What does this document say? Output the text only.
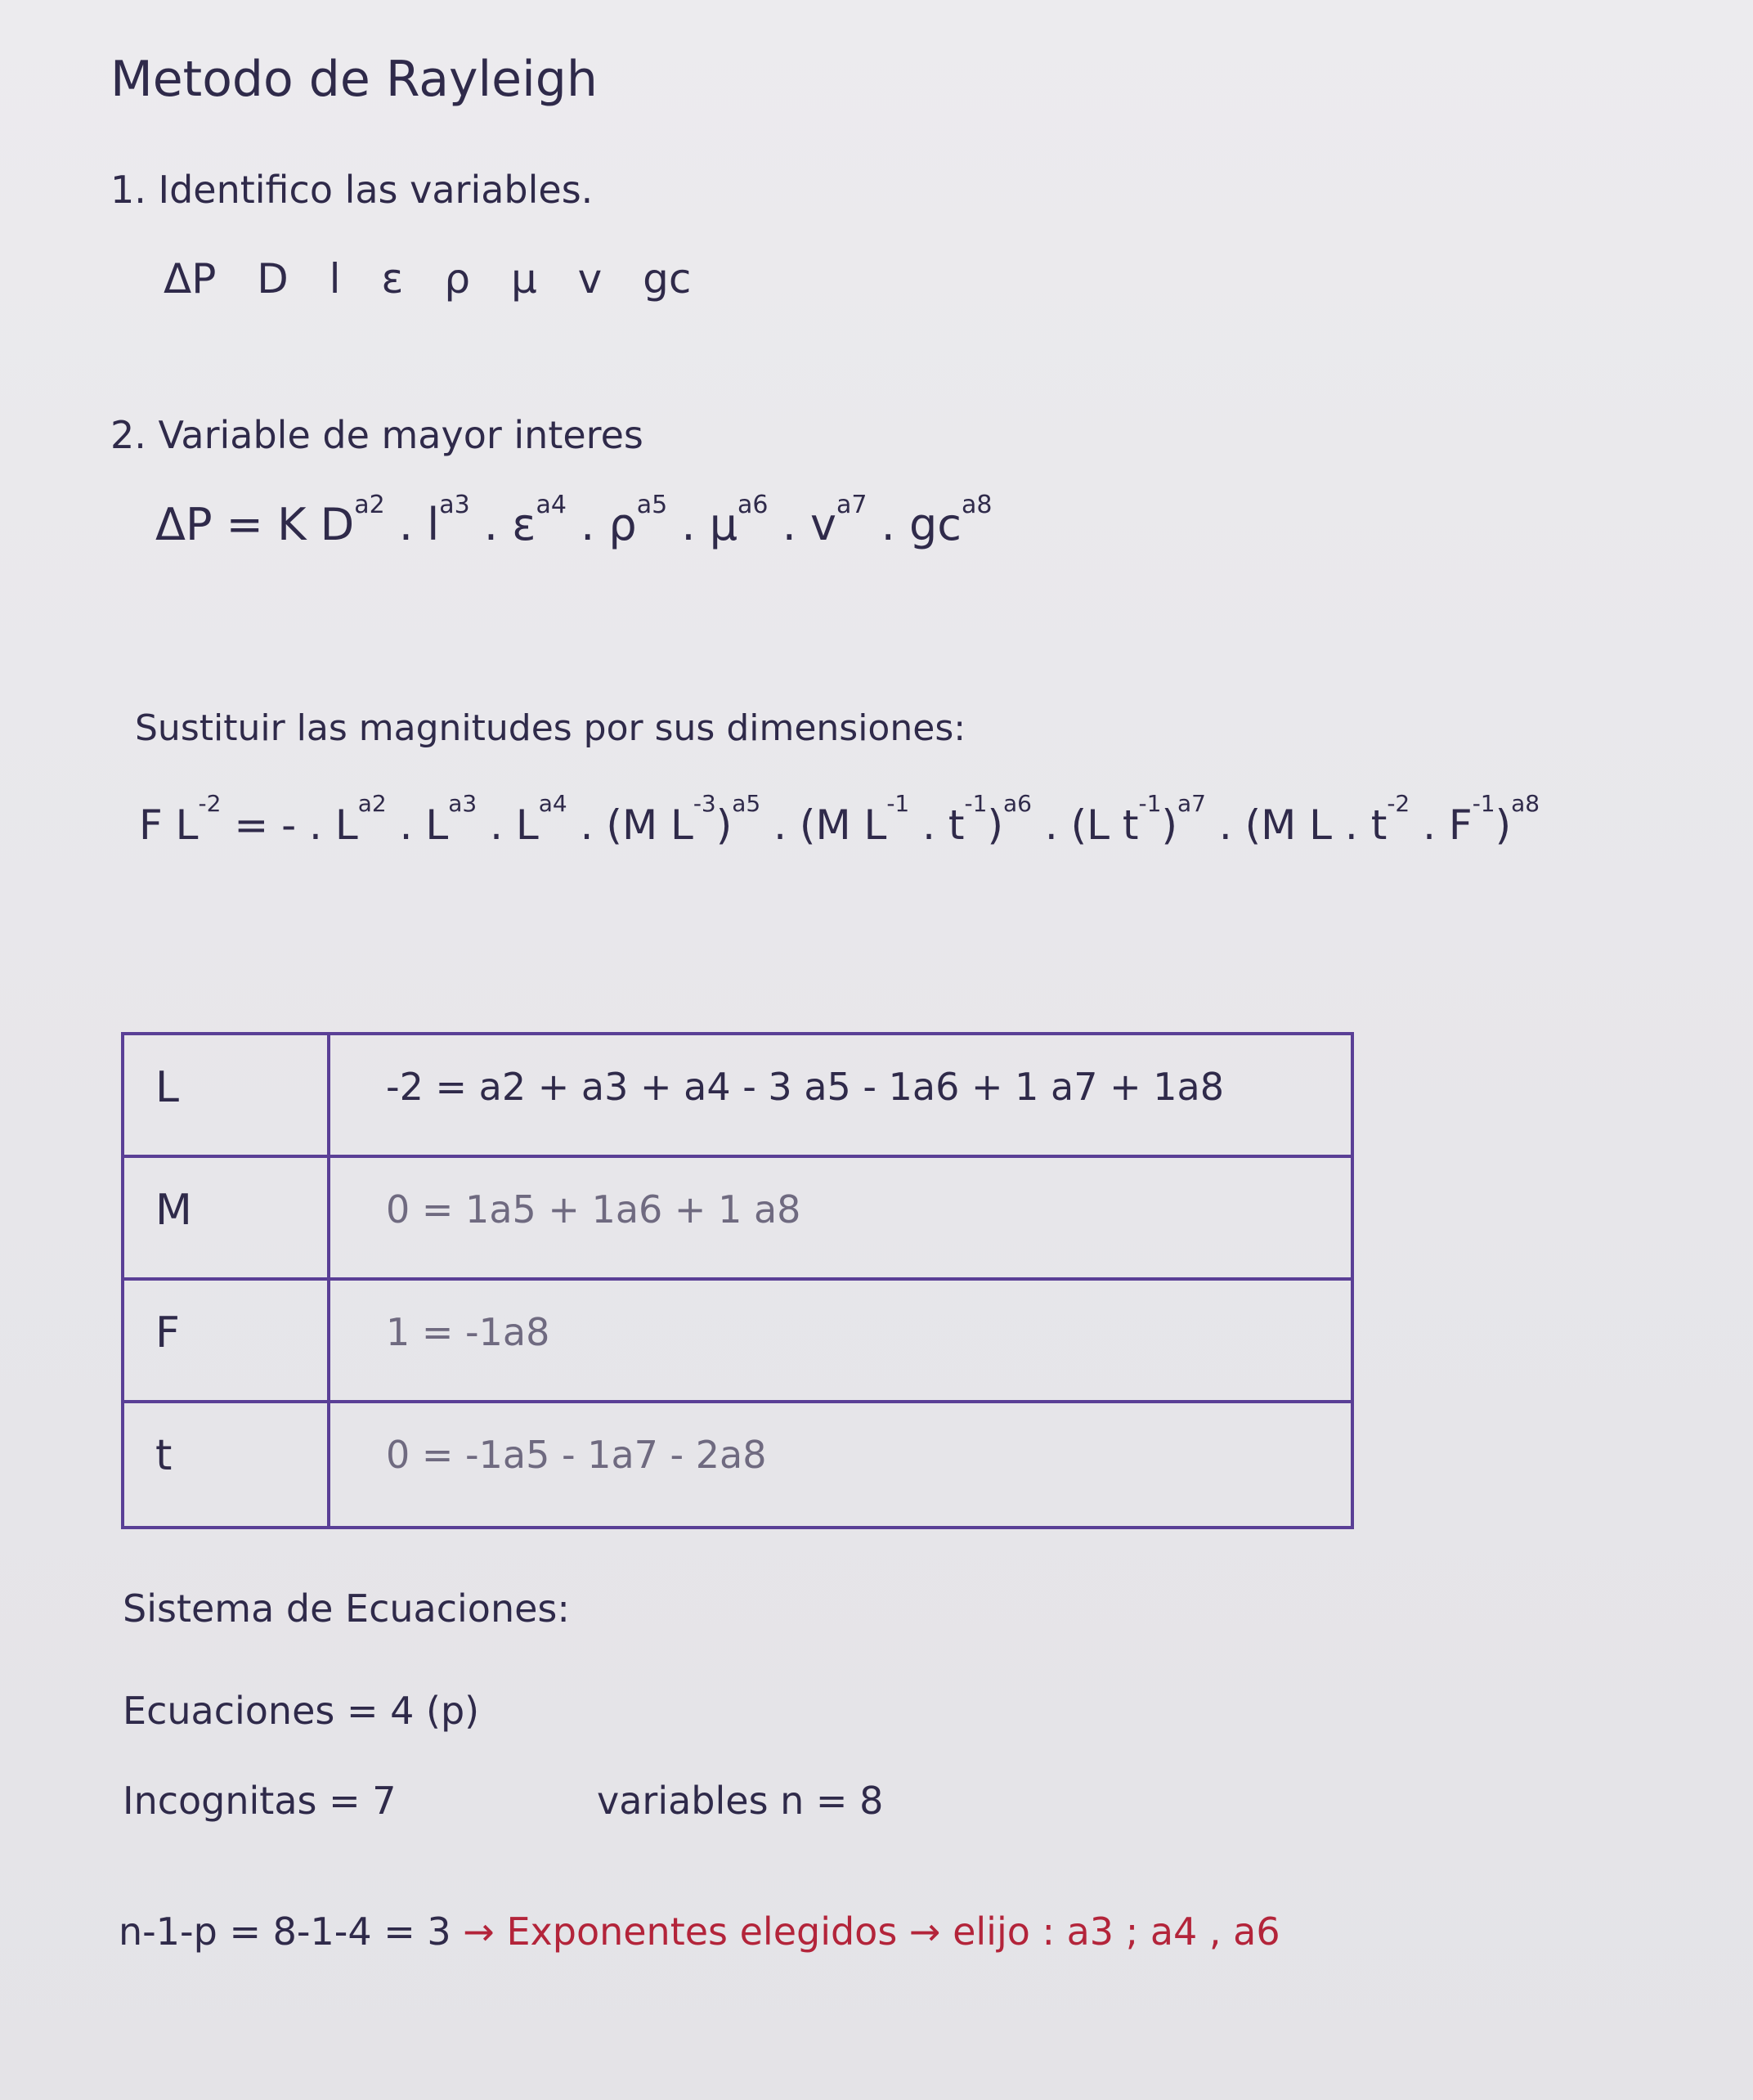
Metodo de Rayleigh
1. Identifico las variables.
ΔP D l ε ρ μ v gc
2. Variable de mayor interes
ΔP = K $D^{a2}$ . $l^{a3}$ . $\varepsilon^{a4}$ . $\rho^{a5}$ . $\mu^{a6}$ . $v^{a7}$ . $gc^{a8}$
Sustituir las magnitudes por sus dimensiones:
F $L^{-2}$ = - . $L^{a2}$ . $L^{a3}$ . $L^{a4}$ . (M $L^{-3})^{a5}$ . (M $L^{-1}$ . $t^{-1})^{a6}$ . (L $t^{-1})^{a7}$ . (M L . $t^{-2}$ . $F^{-1})^{a8}$
L	-2 = a2 + a3 + a4 - 3 a5 - 1a6 + 1 a7 + 1a8
M	0 = 1a5 + 1a6 + 1 a8
F	1 = -1a8
t	0 = -1a5 - 1a7 - 2a8
Sistema de Ecuaciones:
Ecuaciones = 4 (p)
Incognitas = 7	variables n = 8
n-1-p = 8-1-4 = 3 → Exponentes elegidos → elijo : a3 ; a4 , a6
